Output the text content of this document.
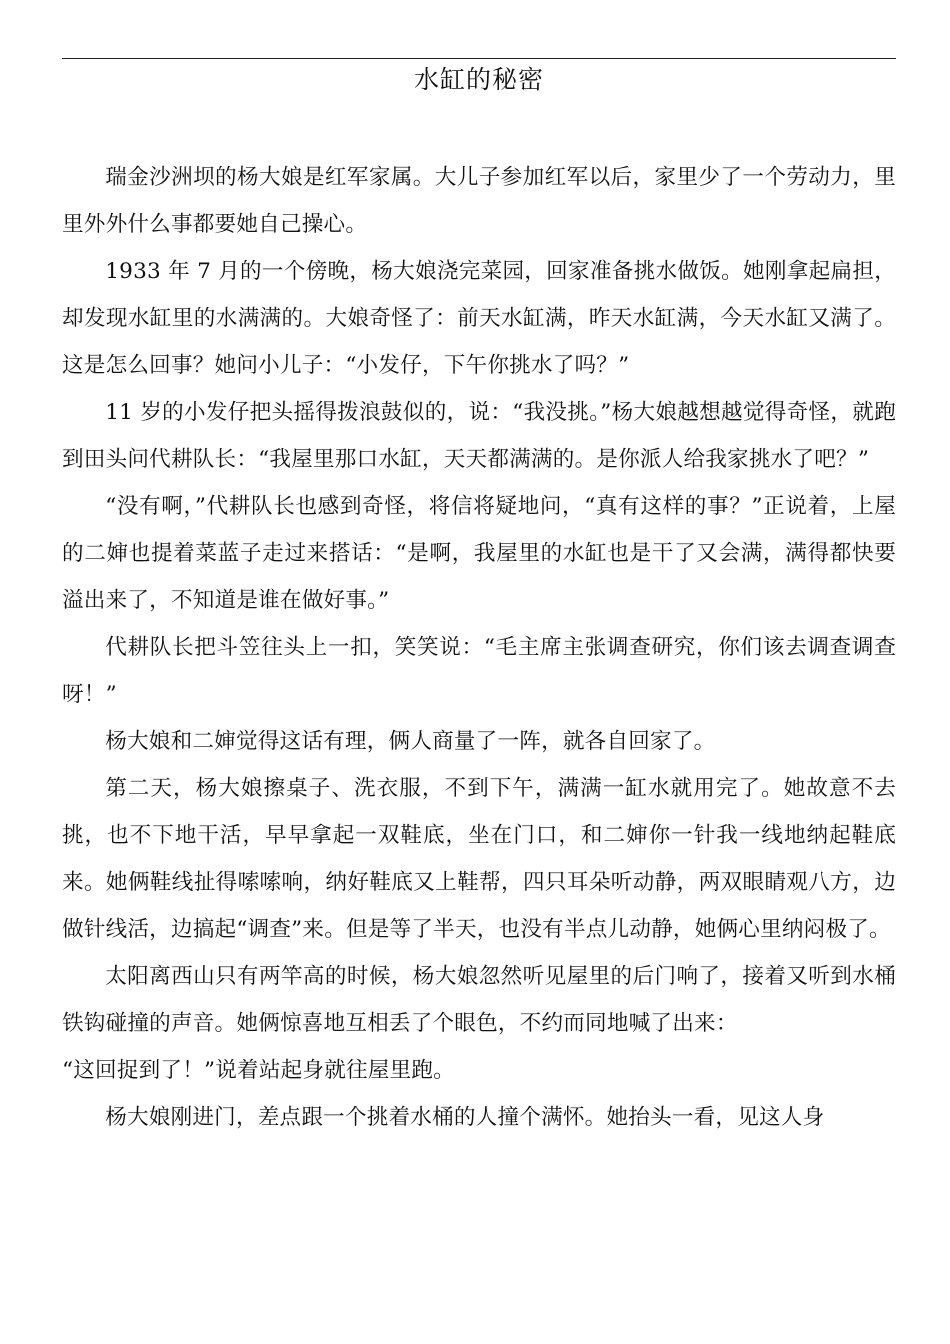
水缸的秘密

瑞金沙洲坝的杨大娘是红军家属。大儿子参加红军以后，家里少了一个劳动力，里里外外什么事都要她自己操心。

1933 年 7 月的一个傍晚，杨大娘浇完菜园，回家准备挑水做饭。她刚拿起扁担，却发现水缸里的水满满的。大娘奇怪了：前天水缸满，昨天水缸满，今天水缸又满了。这是怎么回事？她问小儿子：“小发仔，下午你挑水了吗？”

11 岁的小发仔把头摇得拨浪鼓似的，说：“我没挑。”杨大娘越想越觉得奇怪，就跑到田头问代耕队长：“我屋里那口水缸，天天都满满的。是你派人给我家挑水了吧？”

“没有啊，”代耕队长也感到奇怪，将信将疑地问，“真有这样的事？”正说着，上屋的二婶也提着菜蓝子走过来搭话：“是啊，我屋里的水缸也是干了又会满，满得都快要溢出来了，不知道是谁在做好事。”

代耕队长把斗笠往头上一扣，笑笑说：“毛主席主张调查研究，你们该去调查调查呀！”

杨大娘和二婶觉得这话有理，俩人商量了一阵，就各自回家了。

第二天，杨大娘擦桌子、洗衣服，不到下午，满满一缸水就用完了。她故意不去挑，也不下地干活，早早拿起一双鞋底，坐在门口，和二婶你一针我一线地纳起鞋底来。她俩鞋线扯得嗦嗦响，纳好鞋底又上鞋帮，四只耳朵听动静，两双眼睛观八方，边做针线活，边搞起“调查”来。但是等了半天，也没有半点儿动静，她俩心里纳闷极了。

太阳离西山只有两竿高的时候，杨大娘忽然听见屋里的后门响了，接着又听到水桶铁钩碰撞的声音。她俩惊喜地互相丢了个眼色，不约而同地喊了出来：

“这回捉到了！”说着站起身就往屋里跑。

杨大娘刚进门，差点跟一个挑着水桶的人撞个满怀。她抬头一看，见这人身
